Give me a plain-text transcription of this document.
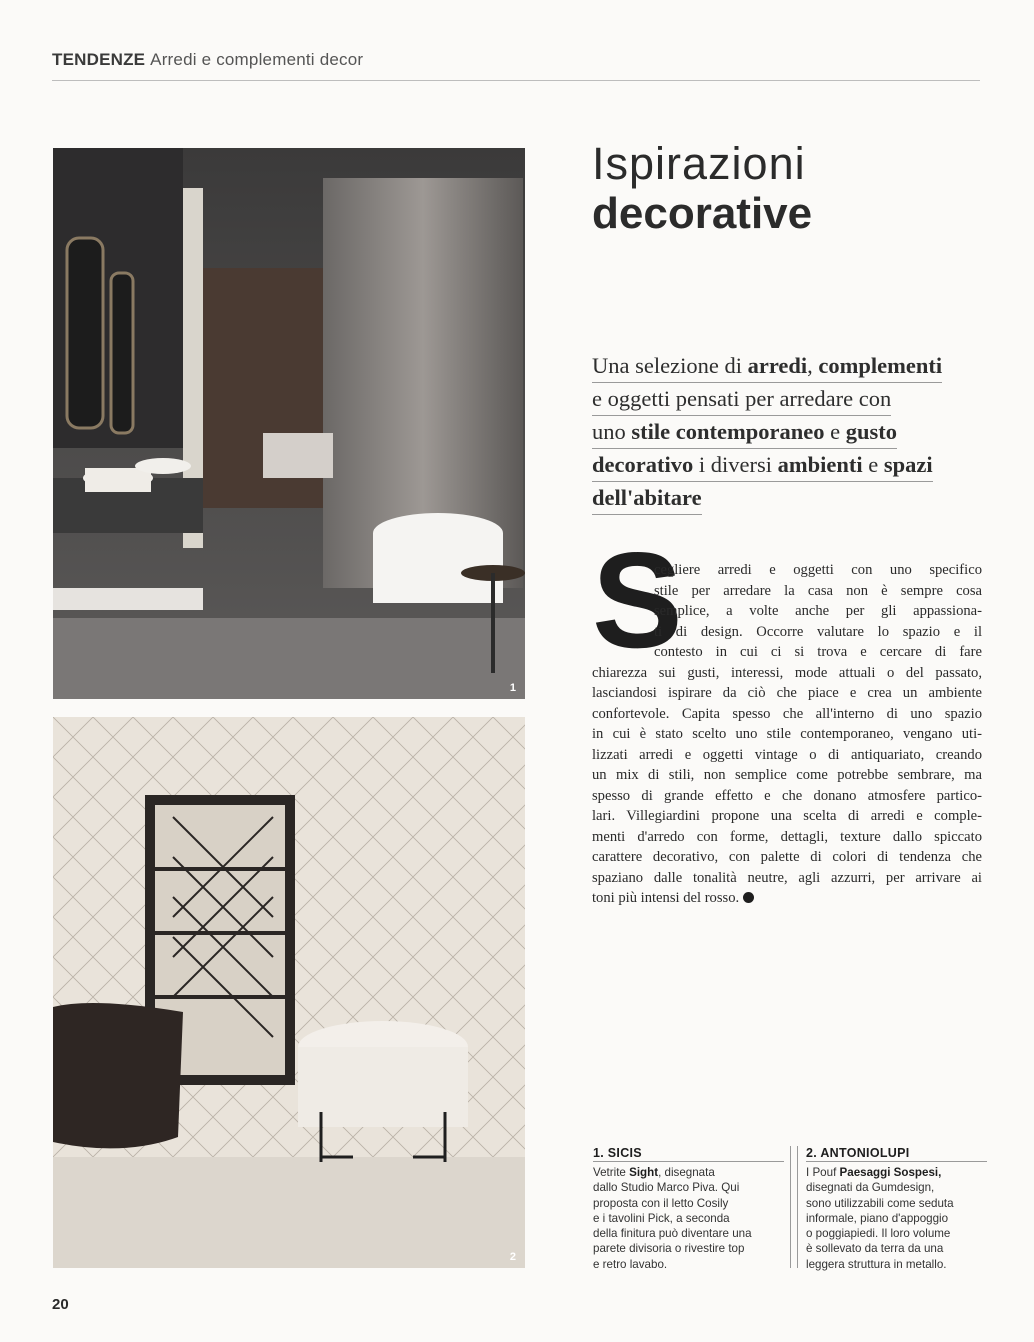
TENDENZE Arredi e complementi decor
1
2
Ispirazioni
decorative
Una selezione di arredi, complementi
e oggetti pensati per arredare con
uno stile contemporaneo e gusto
decorativo i diversi ambienti e spazi
dell'abitare
S
cegliere arredi e oggetti con uno specifico
stile per arredare la casa non è sempre cosa
semplice, a volte anche per gli appassiona-
ti di design. Occorre valutare lo spazio e il
contesto in cui ci si trova e cercare di fare
chiarezza sui gusti, interessi, mode attuali o del passato,
lasciandosi ispirare da ciò che piace e crea un ambiente
confortevole. Capita spesso che all'interno di uno spazio
in cui è stato scelto uno stile contemporaneo, vengano uti-
lizzati arredi e oggetti vintage o di antiquariato, creando
un mix di stili, non semplice come potrebbe sembrare, ma
spesso di grande effetto e che donano atmosfere partico-
lari. Villegiardini propone una scelta di arredi e comple-
menti d'arredo con forme, dettagli, texture dallo spiccato
carattere decorativo, con palette di colori di tendenza che
spaziano dalle tonalità neutre, agli azzurri, per arrivare ai
toni più intensi del rosso.
1. SICIS
Vetrite Sight, disegnata
dallo Studio Marco Piva. Qui
proposta con il letto Cosily
e i tavolini Pick, a seconda
della finitura può diventare una
parete divisoria o rivestire top
e retro lavabo.
2. ANTONIOLUPI
I Pouf Paesaggi Sospesi,
disegnati da Gumdesign,
sono utilizzabili come seduta
informale, piano d'appoggio
o poggiapiedi. Il loro volume
è sollevato da terra da una
leggera struttura in metallo.
20
